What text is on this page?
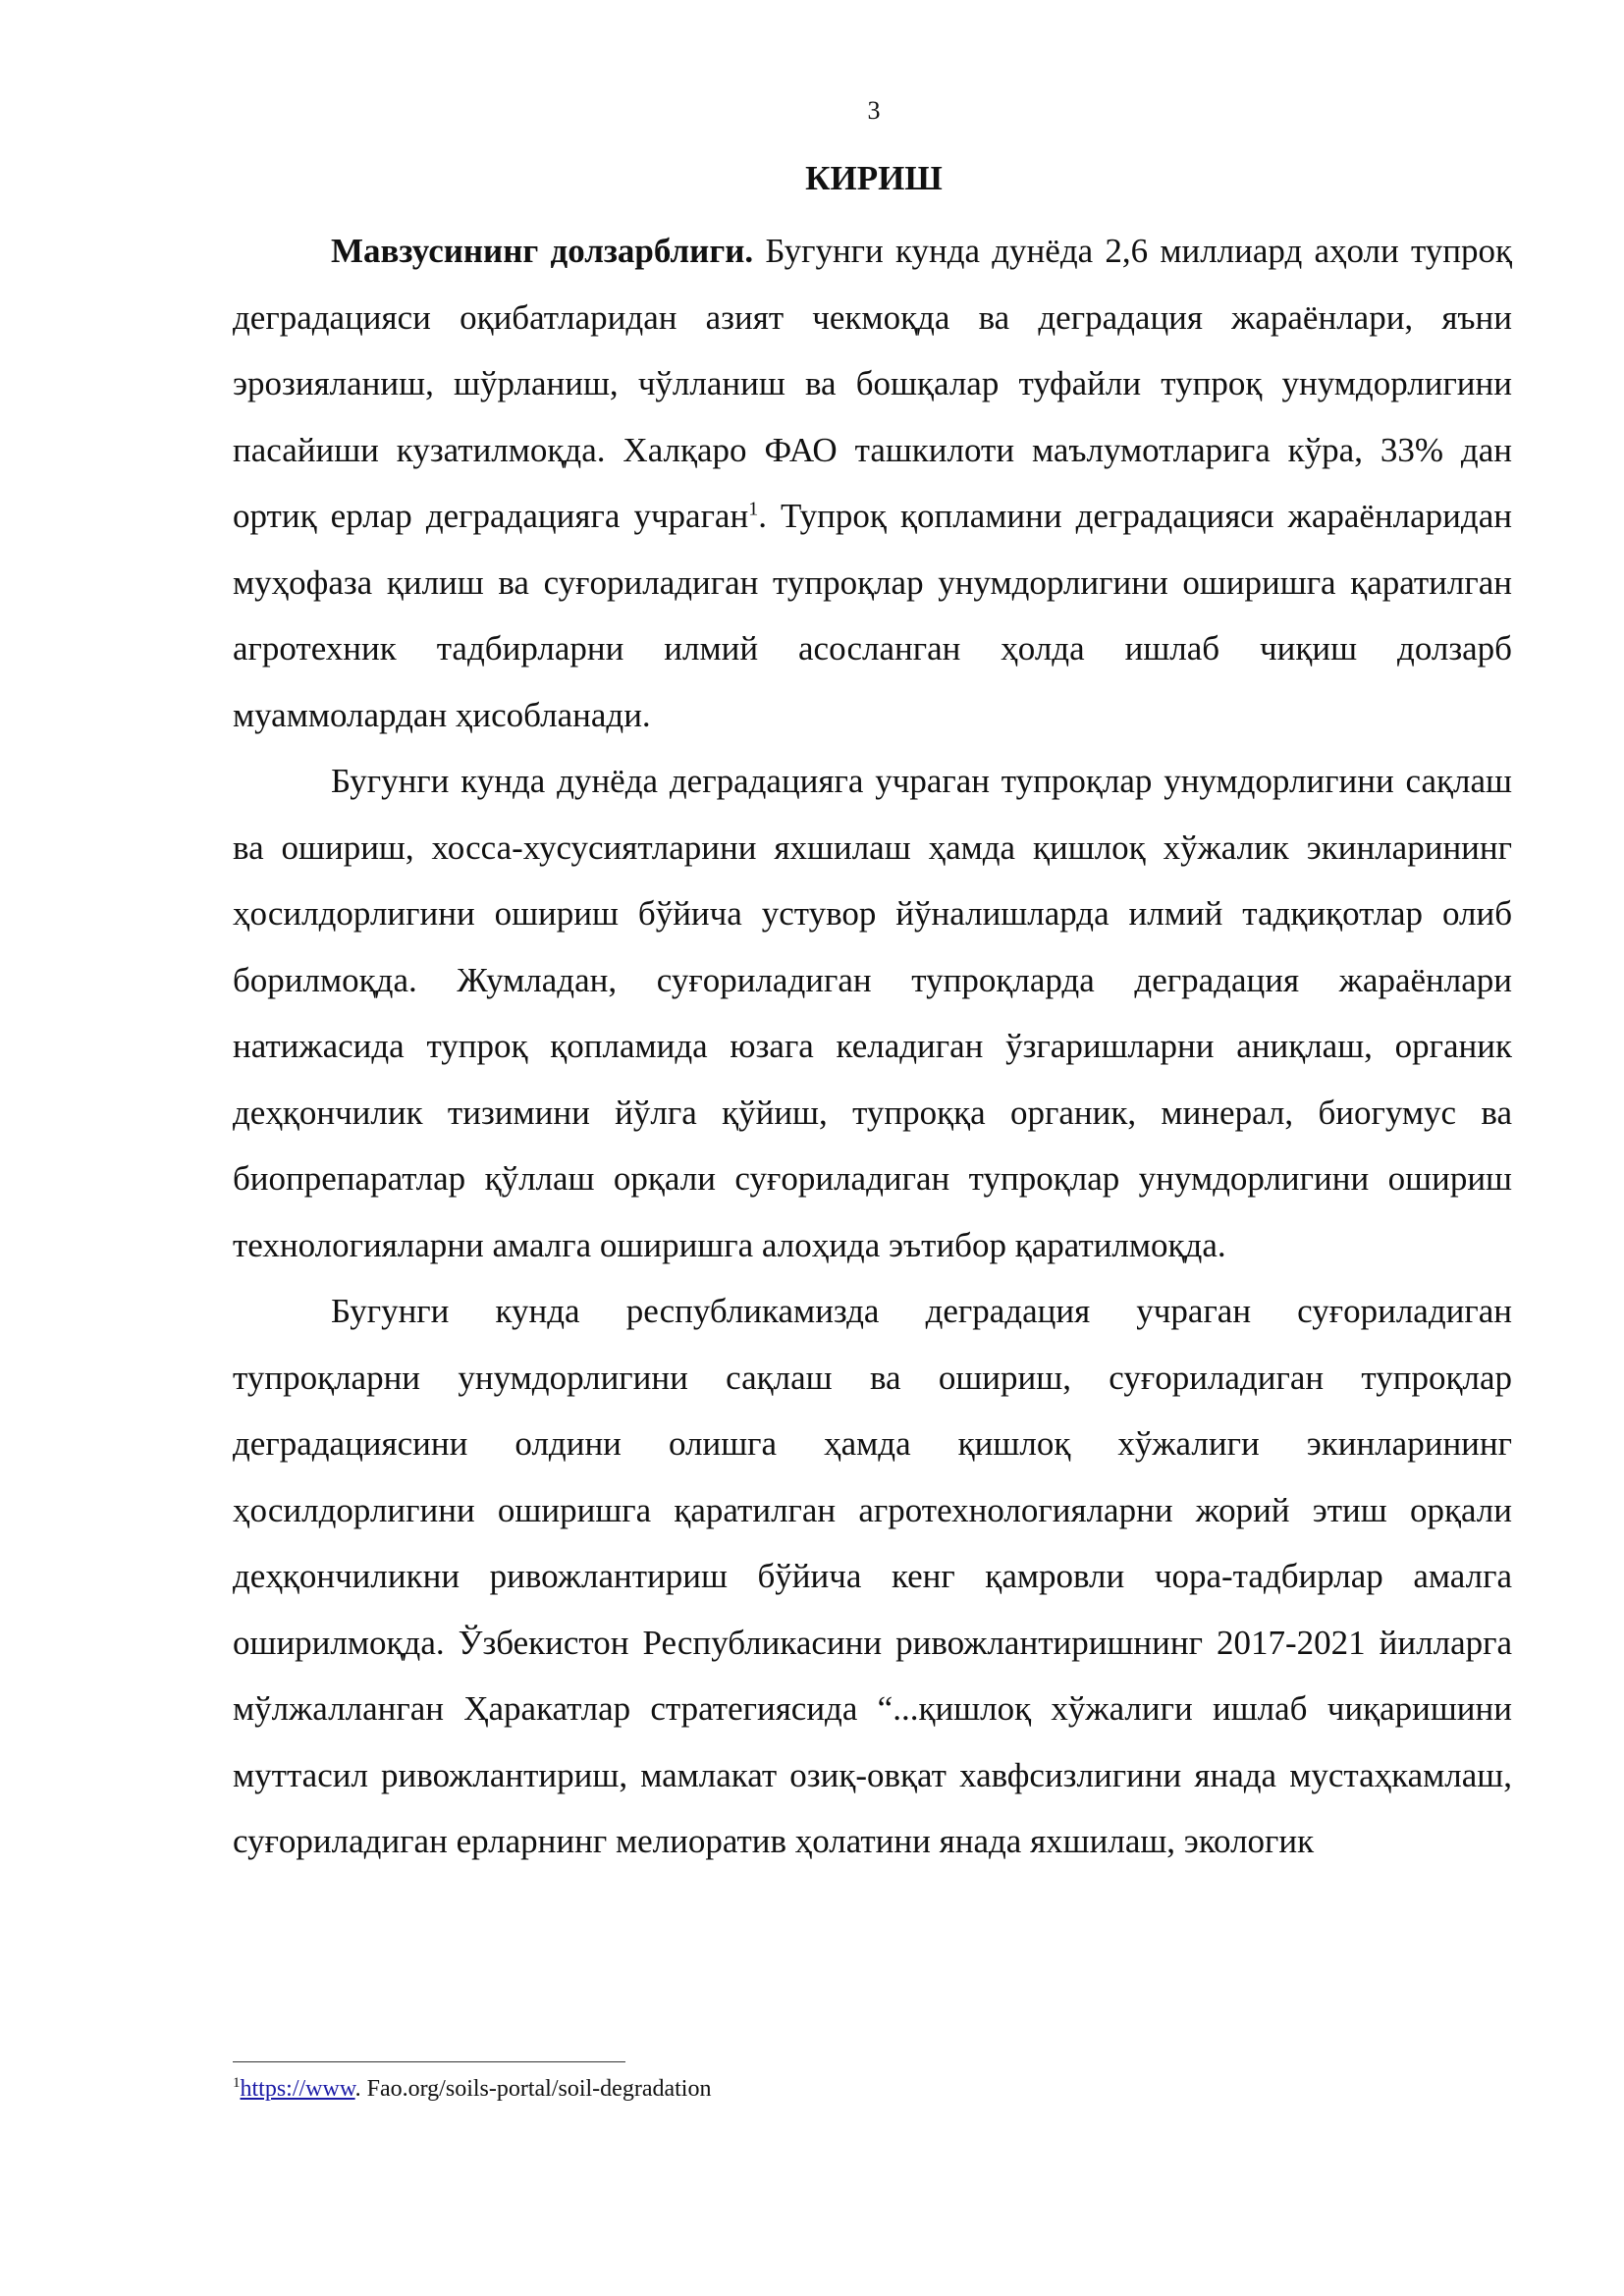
3
КИРИШ

Мавзусининг долзарблиги. Бугунги кунда дунёда 2,6 миллиард аҳоли тупроқ деградацияси оқибатларидан азият чекмоқда ва деградация жараёнлари, яъни эрозияланиш, шўрланиш, чўлланиш ва бошқалар туфайли тупроқ унумдорлигини пасайиши кузатилмоқда. Халқаро ФАО ташкилоти маълумотларига кўра, 33% дан ортиқ ерлар деградацияга учраган$^1$. Тупроқ қопламини деградацияси жараёнларидан муҳофаза қилиш ва суғориладиган тупроқлар унумдорлигини оширишга қаратилган агротехник тадбирларни илмий асосланган ҳолда ишлаб чиқиш долзарб муаммолардан ҳисобланади.

Бугунги кунда дунёда деградацияга учраган тупроқлар унумдорлигини сақлаш ва ошириш, хосса-хусусиятларини яхшилаш ҳамда қишлоқ хўжалик экинларининг ҳосилдорлигини ошириш бўйича устувор йўналишларда илмий тадқиқотлар олиб борилмоқда. Жумладан, суғориладиган тупроқларда деградация жараёнлари натижасида тупроқ қопламида юзага келадиган ўзгаришларни аниқлаш, органик деҳқончилик тизимини йўлга қўйиш, тупроққа органик, минерал, биогумус ва биопрепаратлар қўллаш орқали суғориладиган тупроқлар унумдорлигини ошириш технологияларни амалга оширишга алоҳида эътибор қаратилмоқда.

Бугунги кунда республикамизда деградация учраган суғориладиган тупроқларни унумдорлигини сақлаш ва ошириш, суғориладиган тупроқлар деградациясини олдини олишга ҳамда қишлоқ хўжалиги экинларининг ҳосилдорлигини оширишга қаратилган агротехнологияларни жорий этиш орқали деҳқончиликни ривожлантириш бўйича кенг қамровли чора-тадбирлар амалга оширилмоқда. Ўзбекистон Республикасини ривожлантиришнинг 2017-2021 йилларга мўлжалланган Ҳаракатлар стратегиясида “...қишлоқ хўжалиги ишлаб чиқаришини муттасил ривожлантириш, мамлакат озиқ-овқат хавфсизлигини янада мустаҳкамлаш, суғориладиган ерларнинг мелиоратив ҳолатини янада яхшилаш, экологик

$^1$https://www. Fao.org/soils-portal/soil-degradation
